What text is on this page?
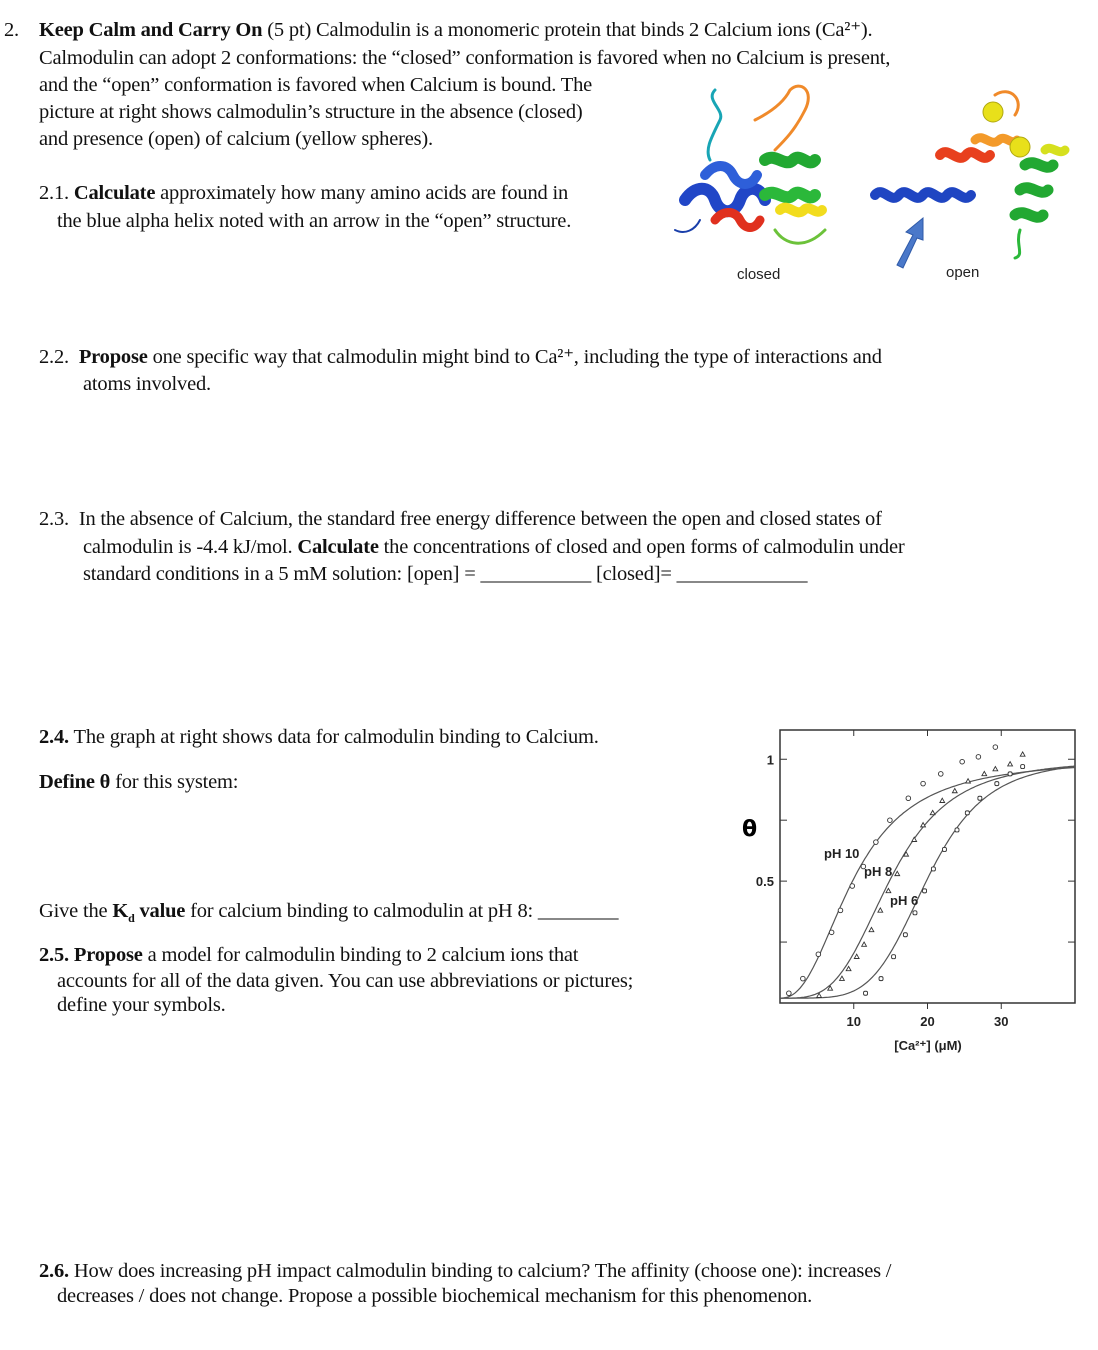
2. Keep Calm and Carry On (5 pt) Calmodulin is a monomeric protein that binds 2 Calcium ions (Ca²⁺).
Calmodulin can adopt 2 conformations: the “closed” conformation is favored when no Calcium is present,
and the “open” conformation is favored when Calcium is bound. The
picture at right shows calmodulin’s structure in the absence (closed)
and presence (open) of calcium (yellow spheres).
closed	open
2.1. Calculate approximately how many amino acids are found in
the blue alpha helix noted with an arrow in the “open” structure.
2.2. Propose one specific way that calmodulin might bind to Ca²⁺, including the type of interactions and
atoms involved.
2.3. In the absence of Calcium, the standard free energy difference between the open and closed states of
calmodulin is -4.4 kJ/mol. Calculate the concentrations of closed and open forms of calmodulin under
standard conditions in a 5 mM solution: [open] = ___________ [closed]= _____________
2.4. The graph at right shows data for calmodulin binding to Calcium.
Define θ for this system:
Give the $K_d$ value for calcium binding to calmodulin at pH 8: ________
2.5. Propose a model for calmodulin binding to 2 calcium ions that
accounts for all of the data given. You can use abbreviations or pictures;
define your symbols.
2.6. How does increasing pH impact calmodulin binding to calcium? The affinity (choose one): increases /
decreases / does not change. Propose a possible biochemical mechanism for this phenomenon.
10	20	30
0.5
1
θ
[Ca²⁺] (μM)
pH 10
pH 8
pH 6
